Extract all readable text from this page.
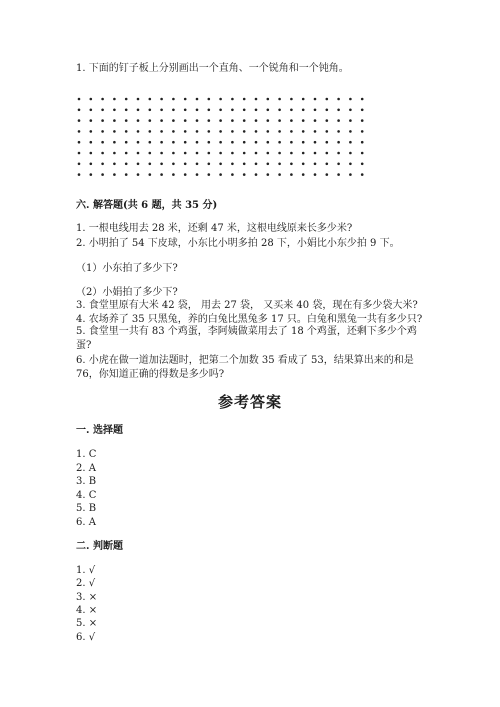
1. 下面的钉子板上分别画出一个直角、一个锐角和一个钝角。
六. 解答题(共 6 题，共 35 分)
1. 一根电线用去 28 米，还剩 47 米，这根电线原来长多少米?
2. 小明拍了 54 下皮球，小东比小明多拍 28 下，小娟比小东少拍 9 下。
（1）小东拍了多少下?
（2）小娟拍了多少下?
3. 食堂里原有大米 42 袋， 用去 27 袋， 又买来 40 袋，现在有多少袋大米?
4. 农场养了 35 只黑兔，养的白兔比黑兔多 17 只。白兔和黑兔一共有多少只?
5. 食堂里一共有 83 个鸡蛋，李阿姨做菜用去了 18 个鸡蛋，还剩下多少个鸡
蛋?
6. 小虎在做一道加法题时，把第二个加数 35 看成了 53，结果算出来的和是
76，你知道正确的得数是多少吗?
参考答案
一. 选择题
1. C
2. A
3. B
4. C
5. B
6. A
二. 判断题
1. √
2. √
3. ×
4. ×
5. ×
6. √
